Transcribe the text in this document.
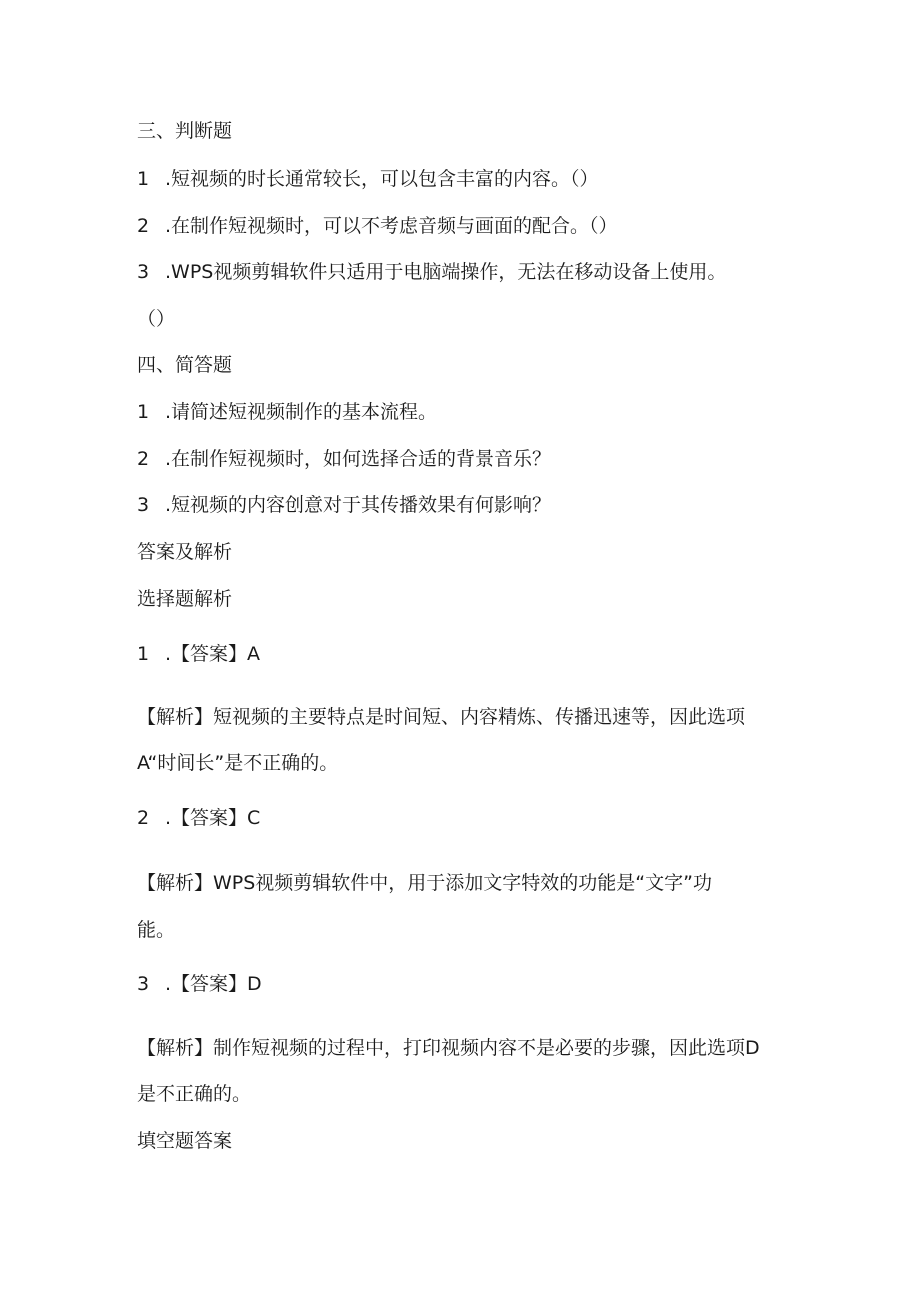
三、判断题

1 .短视频的时长通常较长，可以包含丰富的内容。（）

2 .在制作短视频时，可以不考虑音频与画面的配合。（）

3 .WPS视频剪辑软件只适用于电脑端操作，无法在移动设备上使用。

（）

四、简答题

1 .请简述短视频制作的基本流程。

2 .在制作短视频时，如何选择合适的背景音乐？

3 .短视频的内容创意对于其传播效果有何影响？

答案及解析

选择题解析

1 .【答案】A

【解析】短视频的主要特点是时间短、内容精炼、传播迅速等，因此选项

A“时间长”是不正确的。

2 .【答案】C

【解析】WPS视频剪辑软件中，用于添加文字特效的功能是“文字”功

能。

3 .【答案】D

【解析】制作短视频的过程中，打印视频内容不是必要的步骤，因此选项D

是不正确的。

填空题答案
